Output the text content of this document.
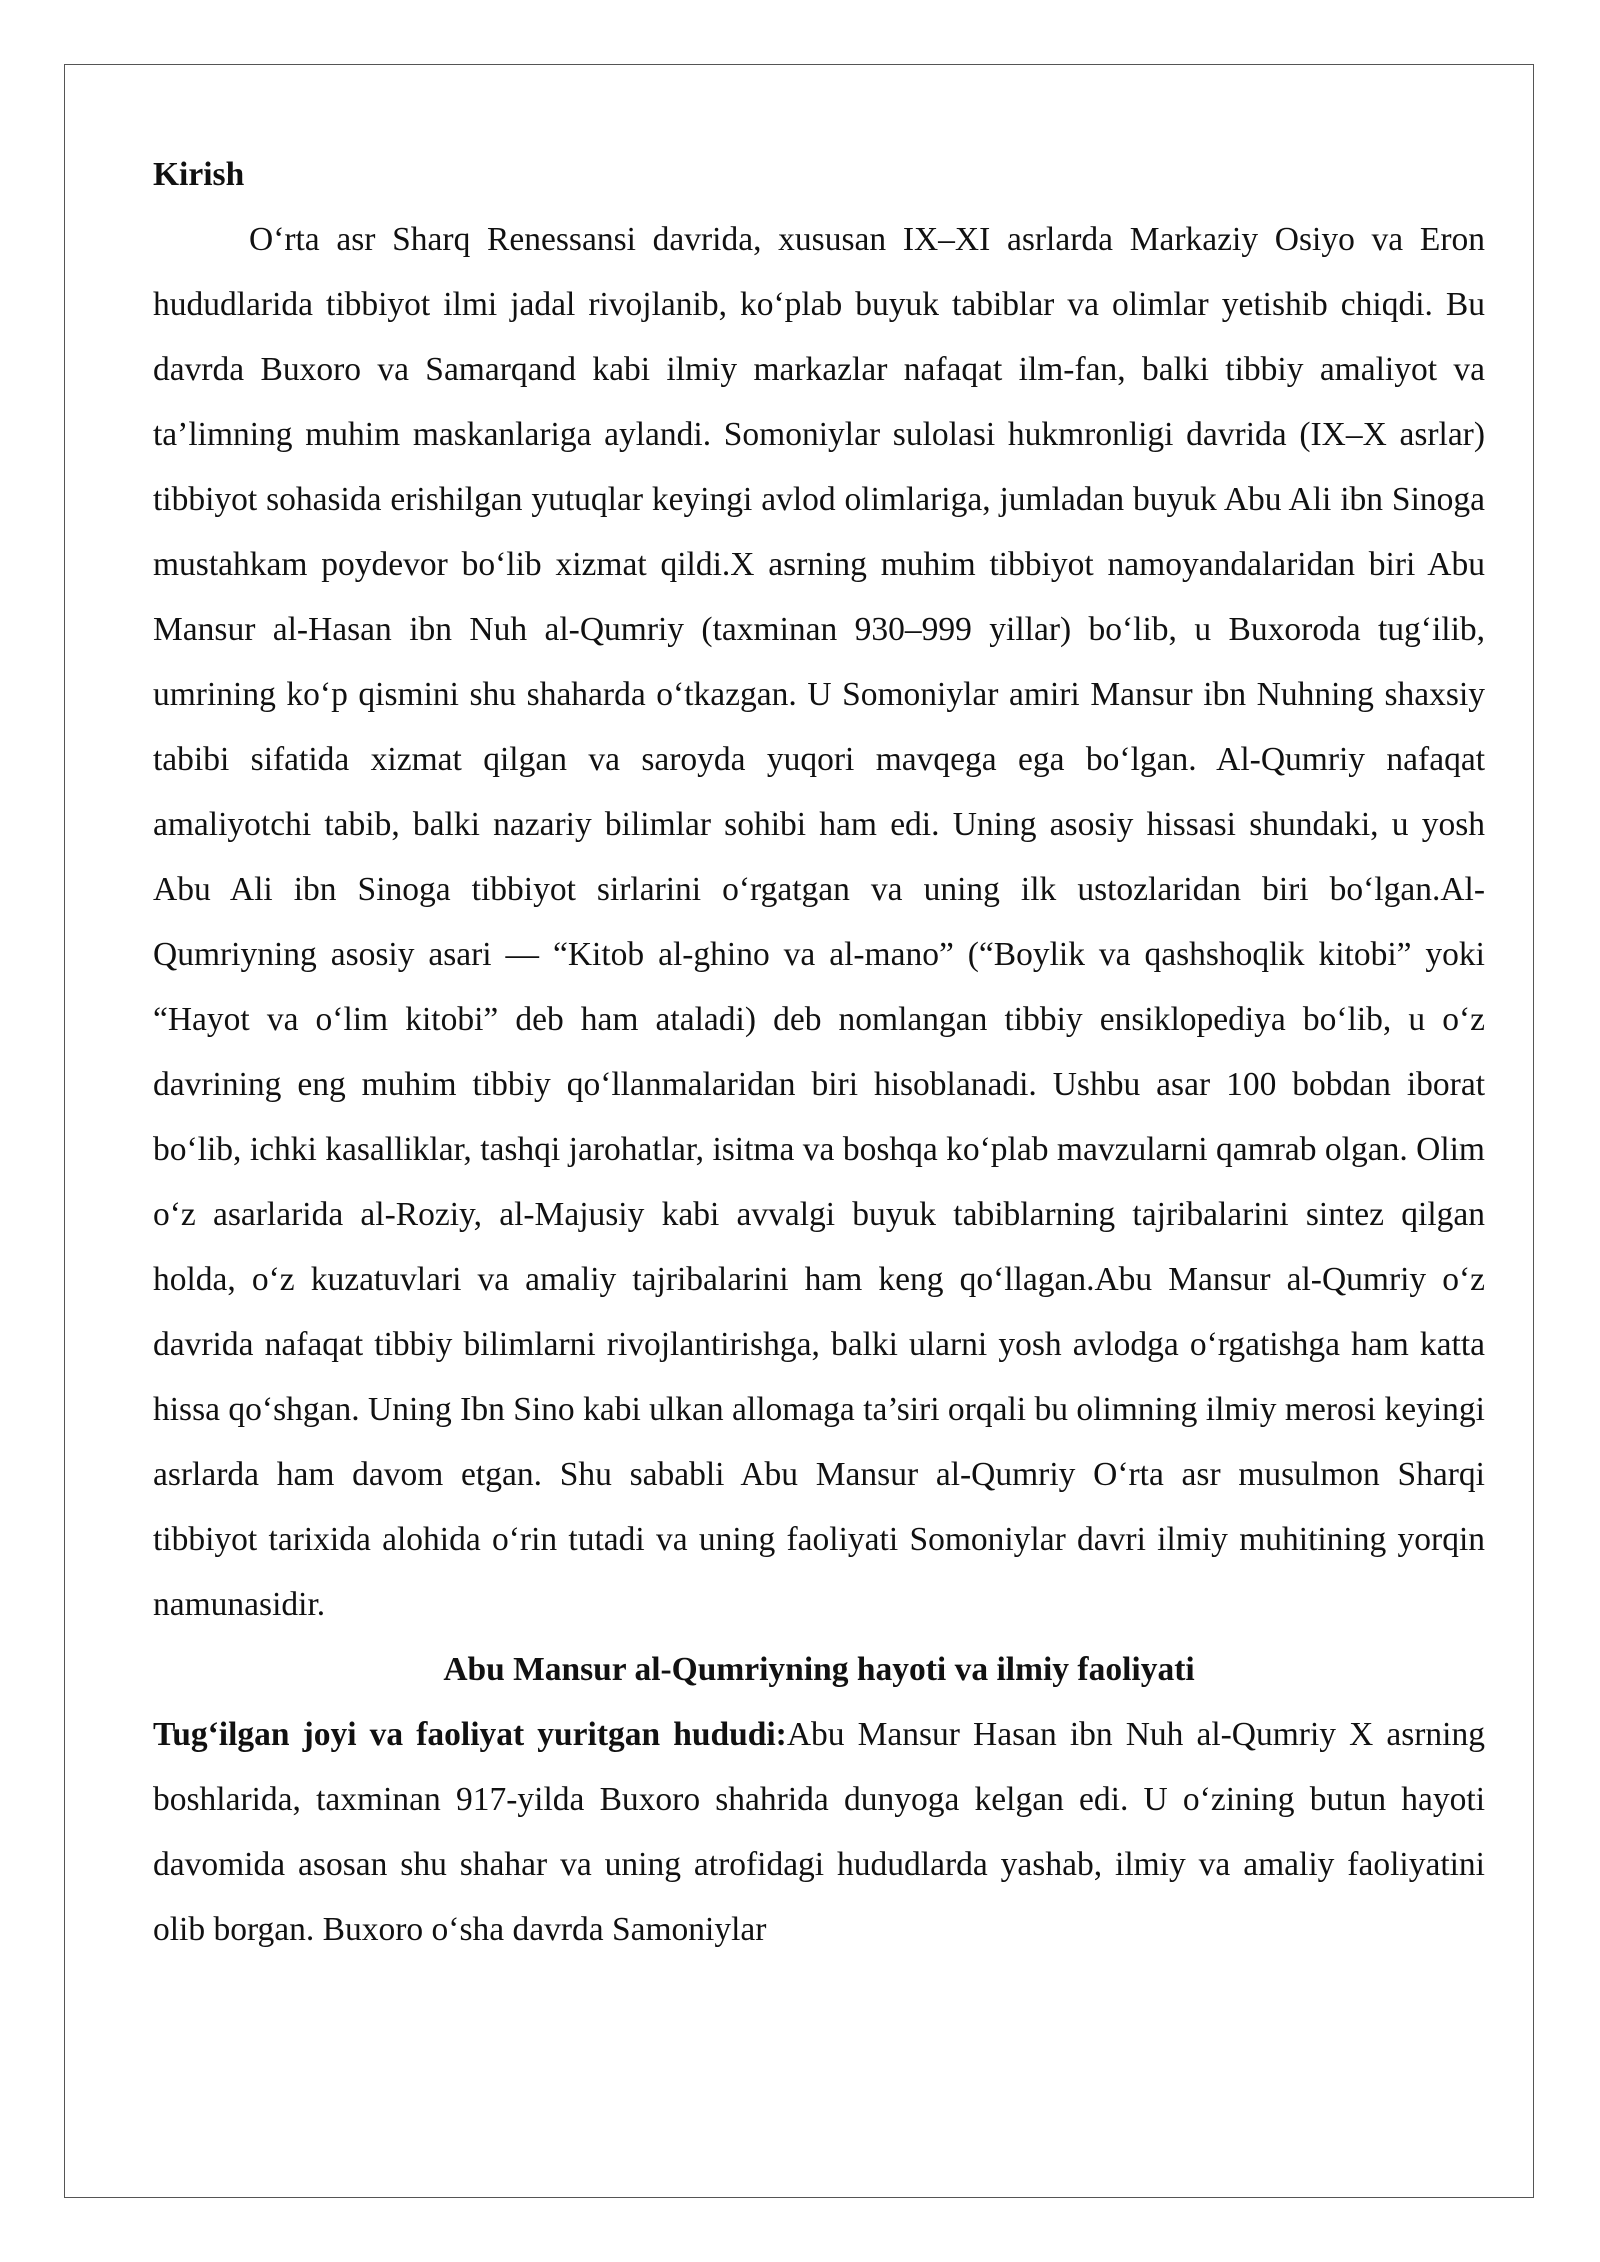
Kirish

O‘rta asr Sharq Renessansi davrida, xususan IX–XI asrlarda Markaziy Osiyo va Eron hududlarida tibbiyot ilmi jadal rivojlanib, ko‘plab buyuk tabiblar va olimlar yetishib chiqdi. Bu davrda Buxoro va Samarqand kabi ilmiy markazlar nafaqat ilm-fan, balki tibbiy amaliyot va ta’limning muhim maskanlariga aylandi. Somoniylar sulolasi hukmronligi davrida (IX–X asrlar) tibbiyot sohasida erishilgan yutuqlar keyingi avlod olimlariga, jumladan buyuk Abu Ali ibn Sinoga mustahkam poydevor bo‘lib xizmat qildi.X asrning muhim tibbiyot namoyandalaridan biri Abu Mansur al-Hasan ibn Nuh al-Qumriy (taxminan 930–999 yillar) bo‘lib, u Buxoroda tug‘ilib, umrining ko‘p qismini shu shaharda o‘tkazgan. U Somoniylar amiri Mansur ibn Nuhning shaxsiy tabibi sifatida xizmat qilgan va saroyda yuqori mavqega ega bo‘lgan. Al-Qumriy nafaqat amaliyotchi tabib, balki nazariy bilimlar sohibi ham edi. Uning asosiy hissasi shundaki, u yosh Abu Ali ibn Sinoga tibbiyot sirlarini o‘rgatgan va uning ilk ustozlaridan biri bo‘lgan.Al-Qumriyning asosiy asari — “Kitob al-ghino va al-mano” (“Boylik va qashshoqlik kitobi” yoki “Hayot va o‘lim kitobi” deb ham ataladi) deb nomlangan tibbiy ensiklopediya bo‘lib, u o‘z davrining eng muhim tibbiy qo‘llanmalaridan biri hisoblanadi. Ushbu asar 100 bobdan iborat bo‘lib, ichki kasalliklar, tashqi jarohatlar, isitma va boshqa ko‘plab mavzularni qamrab olgan. Olim o‘z asarlarida al-Roziy, al-Majusiy kabi avvalgi buyuk tabiblarning tajribalarini sintez qilgan holda, o‘z kuzatuvlari va amaliy tajribalarini ham keng qo‘llagan.Abu Mansur al-Qumriy o‘z davrida nafaqat tibbiy bilimlarni rivojlantirishga, balki ularni yosh avlodga o‘rgatishga ham katta hissa qo‘shgan. Uning Ibn Sino kabi ulkan allomaga ta’siri orqali bu olimning ilmiy merosi keyingi asrlarda ham davom etgan. Shu sababli Abu Mansur al-Qumriy O‘rta asr musulmon Sharqi tibbiyot tarixida alohida o‘rin tutadi va uning faoliyati Somoniylar davri ilmiy muhitining yorqin namunasidir.

Abu Mansur al-Qumriyning hayoti va ilmiy faoliyati

Tug‘ilgan joyi va faoliyat yuritgan hududi:Abu Mansur Hasan ibn Nuh al-Qumriy X asrning boshlarida, taxminan 917-yilda Buxoro shahrida dunyoga kelgan edi. U o‘zining butun hayoti davomida asosan shu shahar va uning atrofidagi hududlarda yashab, ilmiy va amaliy faoliyatini olib borgan. Buxoro o‘sha davrda Samoniylar
